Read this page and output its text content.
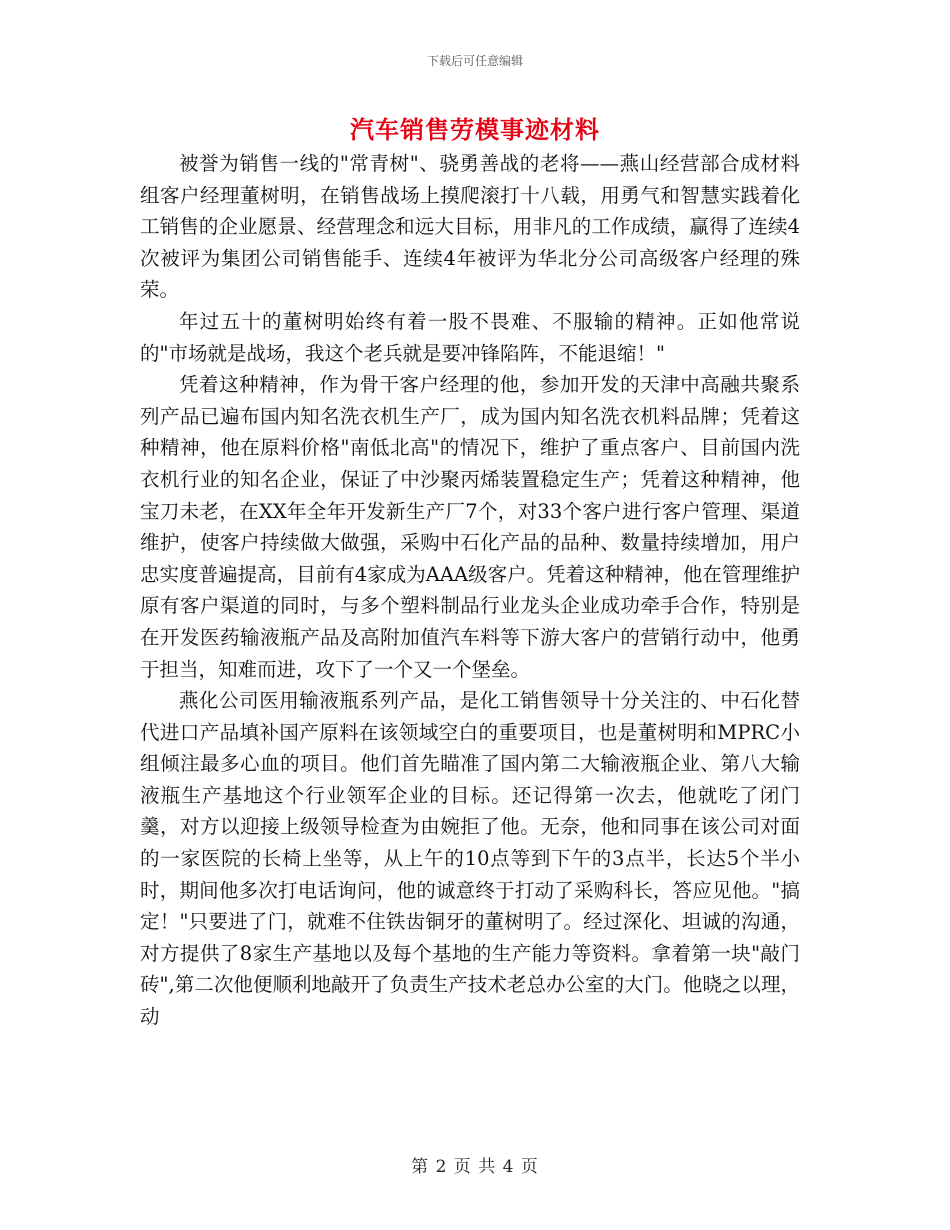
下载后可任意编辑
汽车销售劳模事迹材料

被誉为销售一线的"常青树"、骁勇善战的老将——燕山经营部合成材料组客户经理董树明，在销售战场上摸爬滚打十八载，用勇气和智慧实践着化工销售的企业愿景、经营理念和远大目标，用非凡的工作成绩，赢得了连续4次被评为集团公司销售能手、连续4年被评为华北分公司高级客户经理的殊荣。

年过五十的董树明始终有着一股不畏难、不服输的精神。正如他常说的"市场就是战场，我这个老兵就是要冲锋陷阵，不能退缩！"

凭着这种精神，作为骨干客户经理的他，参加开发的天津中高融共聚系列产品已遍布国内知名洗衣机生产厂，成为国内知名洗衣机料品牌；凭着这种精神，他在原料价格"南低北高"的情况下，维护了重点客户、目前国内洗衣机行业的知名企业，保证了中沙聚丙烯装置稳定生产；凭着这种精神，他宝刀未老，在XX年全年开发新生产厂7个，对33个客户进行客户管理、渠道维护，使客户持续做大做强，采购中石化产品的品种、数量持续增加，用户忠实度普遍提高，目前有4家成为AAA级客户。凭着这种精神，他在管理维护原有客户渠道的同时，与多个塑料制品行业龙头企业成功牵手合作，特别是在开发医药输液瓶产品及高附加值汽车料等下游大客户的营销行动中，他勇于担当，知难而进，攻下了一个又一个堡垒。

燕化公司医用输液瓶系列产品，是化工销售领导十分关注的、中石化替代进口产品填补国产原料在该领域空白的重要项目，也是董树明和MPRC小组倾注最多心血的项目。他们首先瞄准了国内第二大输液瓶企业、第八大输液瓶生产基地这个行业领军企业的目标。还记得第一次去，他就吃了闭门羹，对方以迎接上级领导检查为由婉拒了他。无奈，他和同事在该公司对面的一家医院的长椅上坐等，从上午的10点等到下午的3点半，长达5个半小时，期间他多次打电话询问，他的诚意终于打动了采购科长，答应见他。"搞定！"只要进了门，就难不住铁齿铜牙的董树明了。经过深化、坦诚的沟通，对方提供了8家生产基地以及每个基地的生产能力等资料。拿着第一块"敲门砖",第二次他便顺利地敲开了负责生产技术老总办公室的大门。他晓之以理，动

第 2 页 共 4 页
